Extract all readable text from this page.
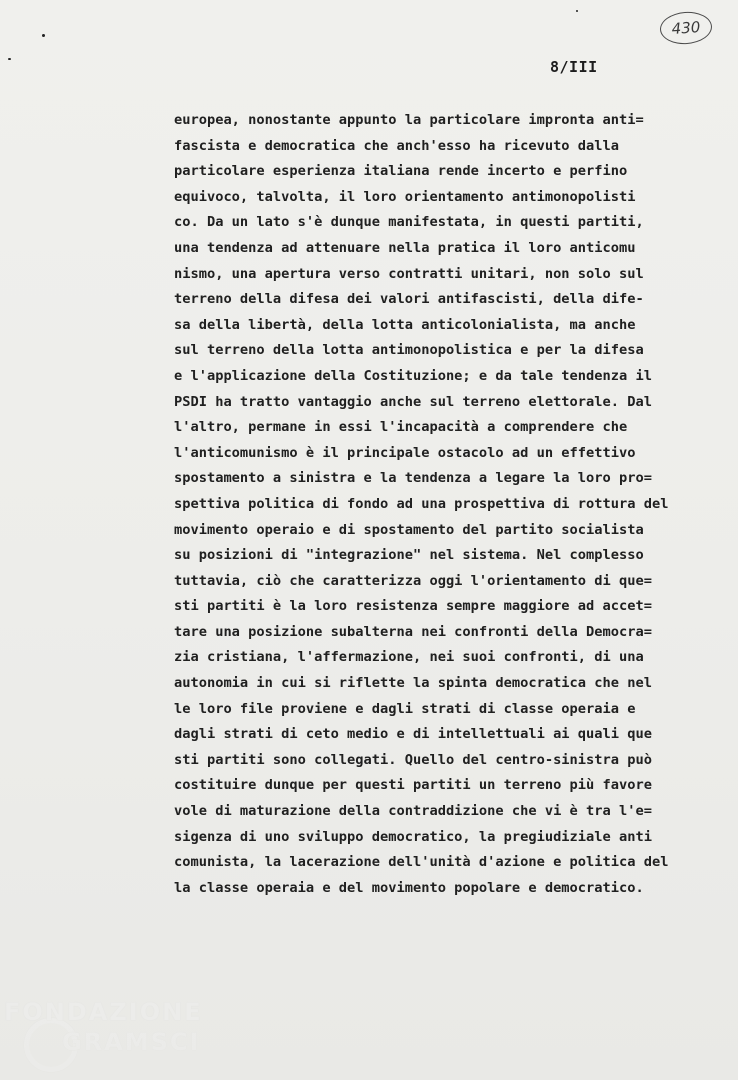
430
8/III
europea, nonostante appunto la particolare impronta anti=
fascista e democratica che anch'esso ha ricevuto dalla
particolare esperienza italiana rende incerto e perfino
equivoco, talvolta, il loro orientamento antimonopolisti
co. Da un lato s'è dunque manifestata, in questi partiti,
una tendenza ad attenuare nella pratica il loro anticomu
nismo, una apertura verso contratti unitari, non solo sul
terreno della difesa dei valori antifascisti, della dife-
sa della libertà, della lotta anticolonialista, ma anche
sul terreno della lotta antimonopolistica e per la difesa
e l'applicazione della Costituzione; e da tale tendenza il
PSDI ha tratto vantaggio anche sul terreno elettorale. Dal
l'altro, permane in essi l'incapacità a comprendere che
l'anticomunismo è il principale ostacolo ad un effettivo
spostamento a sinistra e la tendenza a legare la loro pro=
spettiva politica di fondo ad una prospettiva di rottura del
movimento operaio e di spostamento del partito socialista
su posizioni di "integrazione" nel sistema. Nel complesso
tuttavia, ciò che caratterizza oggi l'orientamento di que=
sti partiti è la loro resistenza sempre maggiore ad accet=
tare una posizione subalterna nei confronti della Democra=
zia cristiana, l'affermazione, nei suoi confronti, di una
autonomia in cui si riflette la spinta democratica che nel
le loro file proviene e dagli strati di classe operaia e
dagli strati di ceto medio e di intellettuali ai quali que
sti partiti sono collegati. Quello del centro-sinistra può
costituire dunque per questi partiti un terreno più favore
vole di maturazione della contraddizione che vi è tra l'e=
sigenza di uno sviluppo democratico, la pregiudiziale anti
comunista, la lacerazione dell'unità d'azione e politica del
la classe operaia e del movimento popolare e democratico.
FONDAZIONE
GRAMSCI
